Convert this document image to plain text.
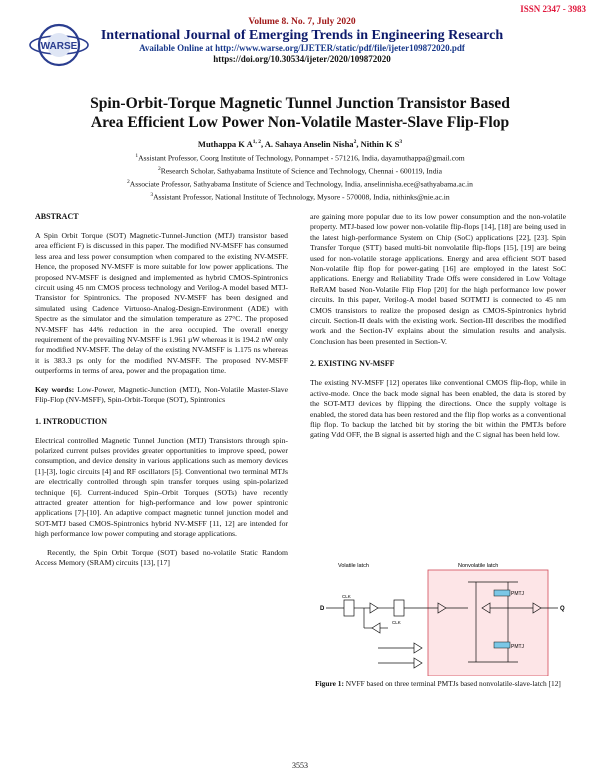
ISSN 2347 - 3983
WARSE
Volume 8. No. 7, July 2020
International Journal of Emerging Trends in Engineering Research
Available Online at http://www.warse.org/IJETER/static/pdf/file/ijeter109872020.pdf
https://doi.org/10.30534/ijeter/2020/109872020
Spin-Orbit-Torque Magnetic Tunnel Junction Transistor Based
Area Efficient Low Power Non-Volatile Master-Slave Flip-Flop
Muthappa K A$^{1, 2}$, A. Sahaya Anselin Nisha$^2$, Nithin K $S^3$
$^1$Assistant Professor, Coorg Institute of Technology, Ponnampet - 571216, India, dayamuthappa@gmail.com
$^2$Research Scholar, Sathyabama Institute of Science and Technology, Chennai - 600119, India
$^2$Associate Professor, Sathyabama Institute of Science and Technology, India, anselinnisha.ece@sathyabama.ac.in
$^3$Assistant Professor, National Institute of Technology, Mysore - 570008, India, nithinks@nie.ac.in
ABSTRACT

A Spin Orbit Torque (SOT) Magnetic-Tunnel-Junction (MTJ) transistor based area efficient F) is discussed in this paper. The modified NV-MSFF has consumed less area and less power consumption when compared to the existing NV-MSFF. Hence, the proposed NV-MSFF is more suitable for low power applications. The proposed NV-MSFF is designed and implemented as hybrid CMOS-Spintronics circuit using 45 nm CMOS process technology and Verilog-A model based MTJ-Transistor for Spintronics. The proposed NV-MSFF has been designed and simulated using Cadence Virtuoso-Analog-Design-Environment (ADE) with Spectre as the simulator and the simulation temperature as 27°C. The proposed NV-MSFF has 44% reduction in the area occupied. The overall energy requirement of the prevailing NV-MSFF is 1.961 µW whereas it is 194.2 nW only for modified NV-MSFF. The delay of the existing NV-MSFF is 1.175 ns whereas it is 383.3 ps only for the modified NV-MSFF. The proposed NV-MSFF outperforms in terms of area, power and the propagation time.

Key words: Low-Power, Magnetic-Junction (MTJ), Non-Volatile Master-Slave Flip-Flop (NV-MSFF), Spin-Orbit-Torque (SOT), Spintronics

1. INTRODUCTION

Electrical controlled Magnetic Tunnel Junction (MTJ) Transistors through spin-polarized current pulses provides greater opportunities to improve speed, power consumption, and device density in various applications such as memory devices [1]-[3], logic circuits [4] and RF oscillators [5]. Conventional two terminal MTJs are electrically controlled through spin transfer torques using spin-polarized technique [6]. Current-induced Spin–Orbit Torques (SOTs) have recently attracted greater attention for high-performance and low power spintronic applications [7]-[10]. An adaptive compact magnetic tunnel junction model and SOT-MTJ based CMOS-Spintronics hybrid NV-MSFF [11, 12] are intended for high performance low power computing and storage applications.

Recently, the Spin Orbit Torque (SOT) based no-volatile Static Random Access Memory (SRAM) circuits [13], [17]

are gaining more popular due to its low power consumption and the non-volatile property. MTJ-based low power non-volatile flip-flops [14], [18] are being used in the latest high-performance System on Chip (SoC) applications [22], [23]. Spin Transfer Torque (STT) based multi-bit nonvolatile flip-flops [15], [19] are being used for non-volatile storage applications. Energy and area efficient SOT based Non-volatile flip flop for power-gating [16] are employed in the latest SoC applications. Energy and Reliability Trade Offs were considered in Low Voltage ReRAM based Non-Volatile Flip Flop [20] for the high performance low power circuits. In this paper, Verilog-A model based SOTMTJ is connected to 45 nm CMOS transistors to realize the proposed design as CMOS-Spintronics hybrid circuit. Section-II deals with the existing work. Section-III describes the modified work and the Section-IV explains about the simulation results and analysis. Conclusion has been presented in Section-V.

2. EXISTING NV-MSFF

The existing NV-MSFF [12] operates like conventional CMOS flip-flop, while in active-mode. Once the back mode signal has been enabled, the data is stored by the SOT-MTJ devices by flipping the directions. Once the supply voltage is enabled, the stored data has been restored and the flip flop works as a conventional flip flop. To backup the latched bit by storing the bit within the PMTJs before gating Vdd OFF, the B signal is asserted high and the C signal has been held low.

Volatile latch	Nonvolatile latch
PMTJ
PMTJ
D	Q
CLK
CLK
Figure 1: NVFF based on three terminal PMTJs based nonvolatile-slave-latch [12]
3553
